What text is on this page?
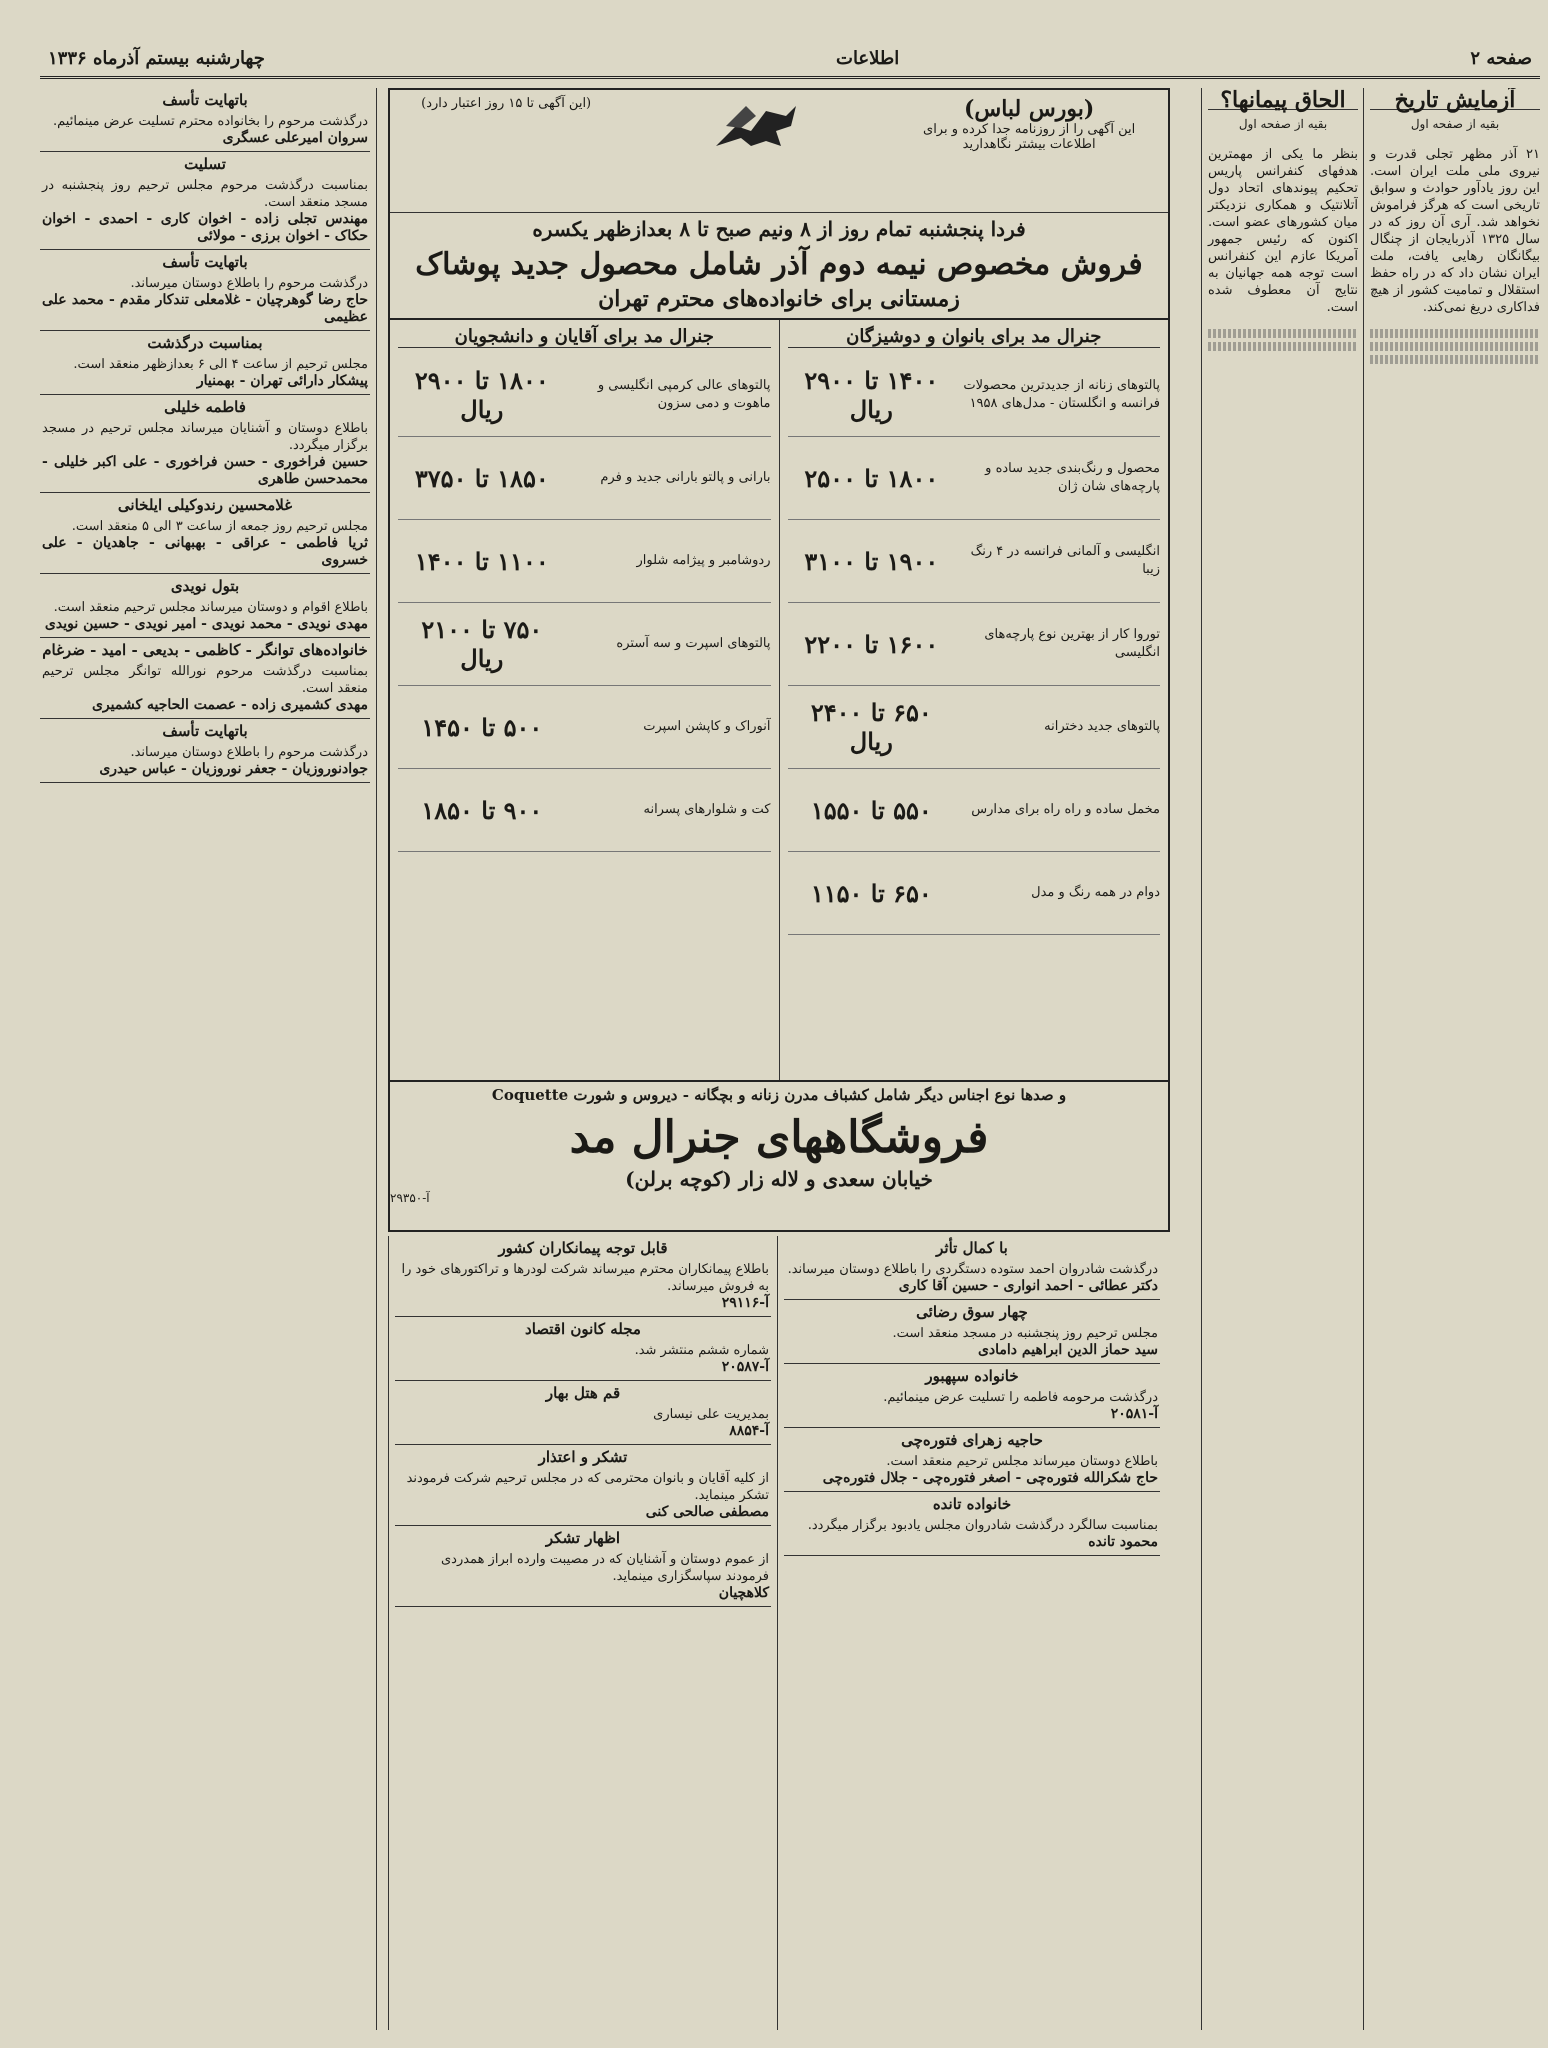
صفحه ۲
اطلاعات
چهارشنبه بیستم آذرماه ۱۳۳۶
آزمایش تاریخ
بقیه از صفحه اول

۲۱ آذر مظهر تجلی قدرت و نیروی ملی ملت ایران است. این روز یادآور حوادث و سوابق تاریخی است که هرگز فراموش نخواهد شد. آری آن روز که در سال ۱۳۲۵ آذربایجان از چنگال بیگانگان رهایی یافت، ملت ایران نشان داد که در راه حفظ استقلال و تمامیت کشور از هیچ فداکاری دریغ نمی‌کند.

الحاق پیمانها؟
بقیه از صفحه اول

بنظر ما یکی از مهمترین هدفهای کنفرانس پاریس تحکیم پیوندهای اتحاد دول آتلانتیک و همکاری نزدیکتر میان کشورهای عضو است. اکنون که رئیس جمهور آمریکا عازم این کنفرانس است توجه همه جهانیان به نتایج آن معطوف شده است.

(بورس لباس)
این آگهی را از روزنامه جدا کرده و برای اطلاعات بیشتر نگاهدارید
(این آگهی تا ۱۵ روز اعتبار دارد)
فردا پنجشنبه تمام روز از ۸ ونیم صبح تا ۸ بعدازظهر یکسره
فروش مخصوص نیمه دوم آذر شامل محصول جدید پوشاک
زمستانی برای خانواده‌های محترم تهران
جنرال مد برای بانوان و دوشیزگان
پالتوهای زنانه از جدیدترین محصولات فرانسه و انگلستان - مدل‌های ۱۹۵۸
۱۴۰۰ تا ۲۹۰۰ ریال
محصول و رنگ‌بندی جدید ساده و پارچه‌های شان ژان
۱۸۰۰ تا ۲۵۰۰
انگلیسی و آلمانی فرانسه در ۴ رنگ زیبا
۱۹۰۰ تا ۳۱۰۰
توروا کار از بهترین نوع پارچه‌های انگلیسی
۱۶۰۰ تا ۲۲۰۰
پالتوهای جدید دخترانه
۶۵۰ تا ۲۴۰۰ ریال
مخمل ساده و راه راه برای مدارس
۵۵۰ تا ۱۵۵۰
دوام در همه رنگ و مدل
۶۵۰ تا ۱۱۵۰
جنرال مد برای آقایان و دانشجویان
پالتوهای عالی کرمپی انگلیسی و ماهوت و دمی سزون
۱۸۰۰ تا ۲۹۰۰ ریال
بارانی و پالتو بارانی جدید و فرم
۱۸۵۰ تا ۳۷۵۰
ردوشامبر و پیژامه شلوار
۱۱۰۰ تا ۱۴۰۰
پالتوهای اسپرت و سه آستره
۷۵۰ تا ۲۱۰۰ ریال
آنوراک و کاپشن اسپرت
۵۰۰ تا ۱۴۵۰
کت و شلوارهای پسرانه
۹۰۰ تا ۱۸۵۰
و صدها نوع اجناس دیگر شامل کشباف مدرن زنانه و بچگانه - دیروس و شورت Coquette
فروشگاههای جنرال مد
خیابان سعدی و لاله زار (کوچه برلن)
آ-۲۹۳۵۰
با کمال تأثر
درگذشت شادروان احمد ستوده دستگردی را باطلاع دوستان میرساند.
دکتر عطائی - احمد انواری - حسین آقا کاری
چهار سوق رضائی
مجلس ترحیم روز پنجشنبه در مسجد منعقد است.
سید حماز الدین ابراهیم دامادی
خانواده سپهبور
درگذشت مرحومه فاطمه را تسلیت عرض مینمائیم.
آ-۲۰۵۸۱
حاجیه زهرای فتوره‌چی
باطلاع دوستان میرساند مجلس ترحیم منعقد است.
حاج شکرالله فتوره‌چی - اصغر فتوره‌چی - جلال فتوره‌چی
خانواده تانده
بمناسبت سالگرد درگذشت شادروان مجلس یادبود برگزار میگردد.
محمود تانده
قابل توجه پیمانکاران کشور
باطلاع پیمانکاران محترم میرساند شرکت لودرها و تراکتورهای خود را به فروش میرساند.
آ-۲۹۱۱۶
مجله کانون اقتصاد
شماره ششم منتشر شد.
آ-۲۰۵۸۷
قم هتل بهار
بمدیریت علی نیساری
آ-۸۸۵۴
تشکر و اعتذار
از کلیه آقایان و بانوان محترمی که در مجلس ترحیم شرکت فرمودند تشکر مینماید.
مصطفی صالحی کنی
اظهار تشکر
از عموم دوستان و آشنایان که در مصیبت وارده ابراز همدردی فرمودند سپاسگزاری مینماید.
کلاهچیان
باتهایت تأسف
درگذشت مرحوم را بخانواده محترم تسلیت عرض مینمائیم.
سروان امیرعلی عسگری
تسلیت
بمناسبت درگذشت مرحوم مجلس ترحیم روز پنجشنبه در مسجد منعقد است.
مهندس تجلی زاده - اخوان کاری - احمدی - اخوان حکاک - اخوان برزی - مولائی
باتهایت تأسف
درگذشت مرحوم را باطلاع دوستان میرساند.
حاج رضا گوهرچیان - غلامعلی تندکار مقدم - محمد علی عظیمی
بمناسبت درگذشت
مجلس ترحیم از ساعت ۴ الی ۶ بعدازظهر منعقد است.
پیشکار دارائی تهران - بهمنیار
فاطمه خلیلی
باطلاع دوستان و آشنایان میرساند مجلس ترحیم در مسجد برگزار میگردد.
حسین فراخوری - حسن فراخوری - علی اکبر خلیلی - محمدحسن طاهری
غلامحسین رندوکیلی ایلخانی
مجلس ترحیم روز جمعه از ساعت ۳ الی ۵ منعقد است.
ثریا فاطمی - عراقی - بهبهانی - جاهدیان - علی خسروی
بتول نویدی
باطلاع اقوام و دوستان میرساند مجلس ترحیم منعقد است.
مهدی نویدی - محمد نویدی - امیر نویدی - حسین نویدی
خانواده‌های توانگر - کاظمی - بدیعی - امید - ضرغام
بمناسبت درگذشت مرحوم نورالله توانگر مجلس ترحیم منعقد است.
مهدی کشمیری زاده - عصمت الحاجیه کشمیری
باتهایت تأسف
درگذشت مرحوم را باطلاع دوستان میرساند.
جوادنوروزیان - جعفر نوروزیان - عباس حیدری
